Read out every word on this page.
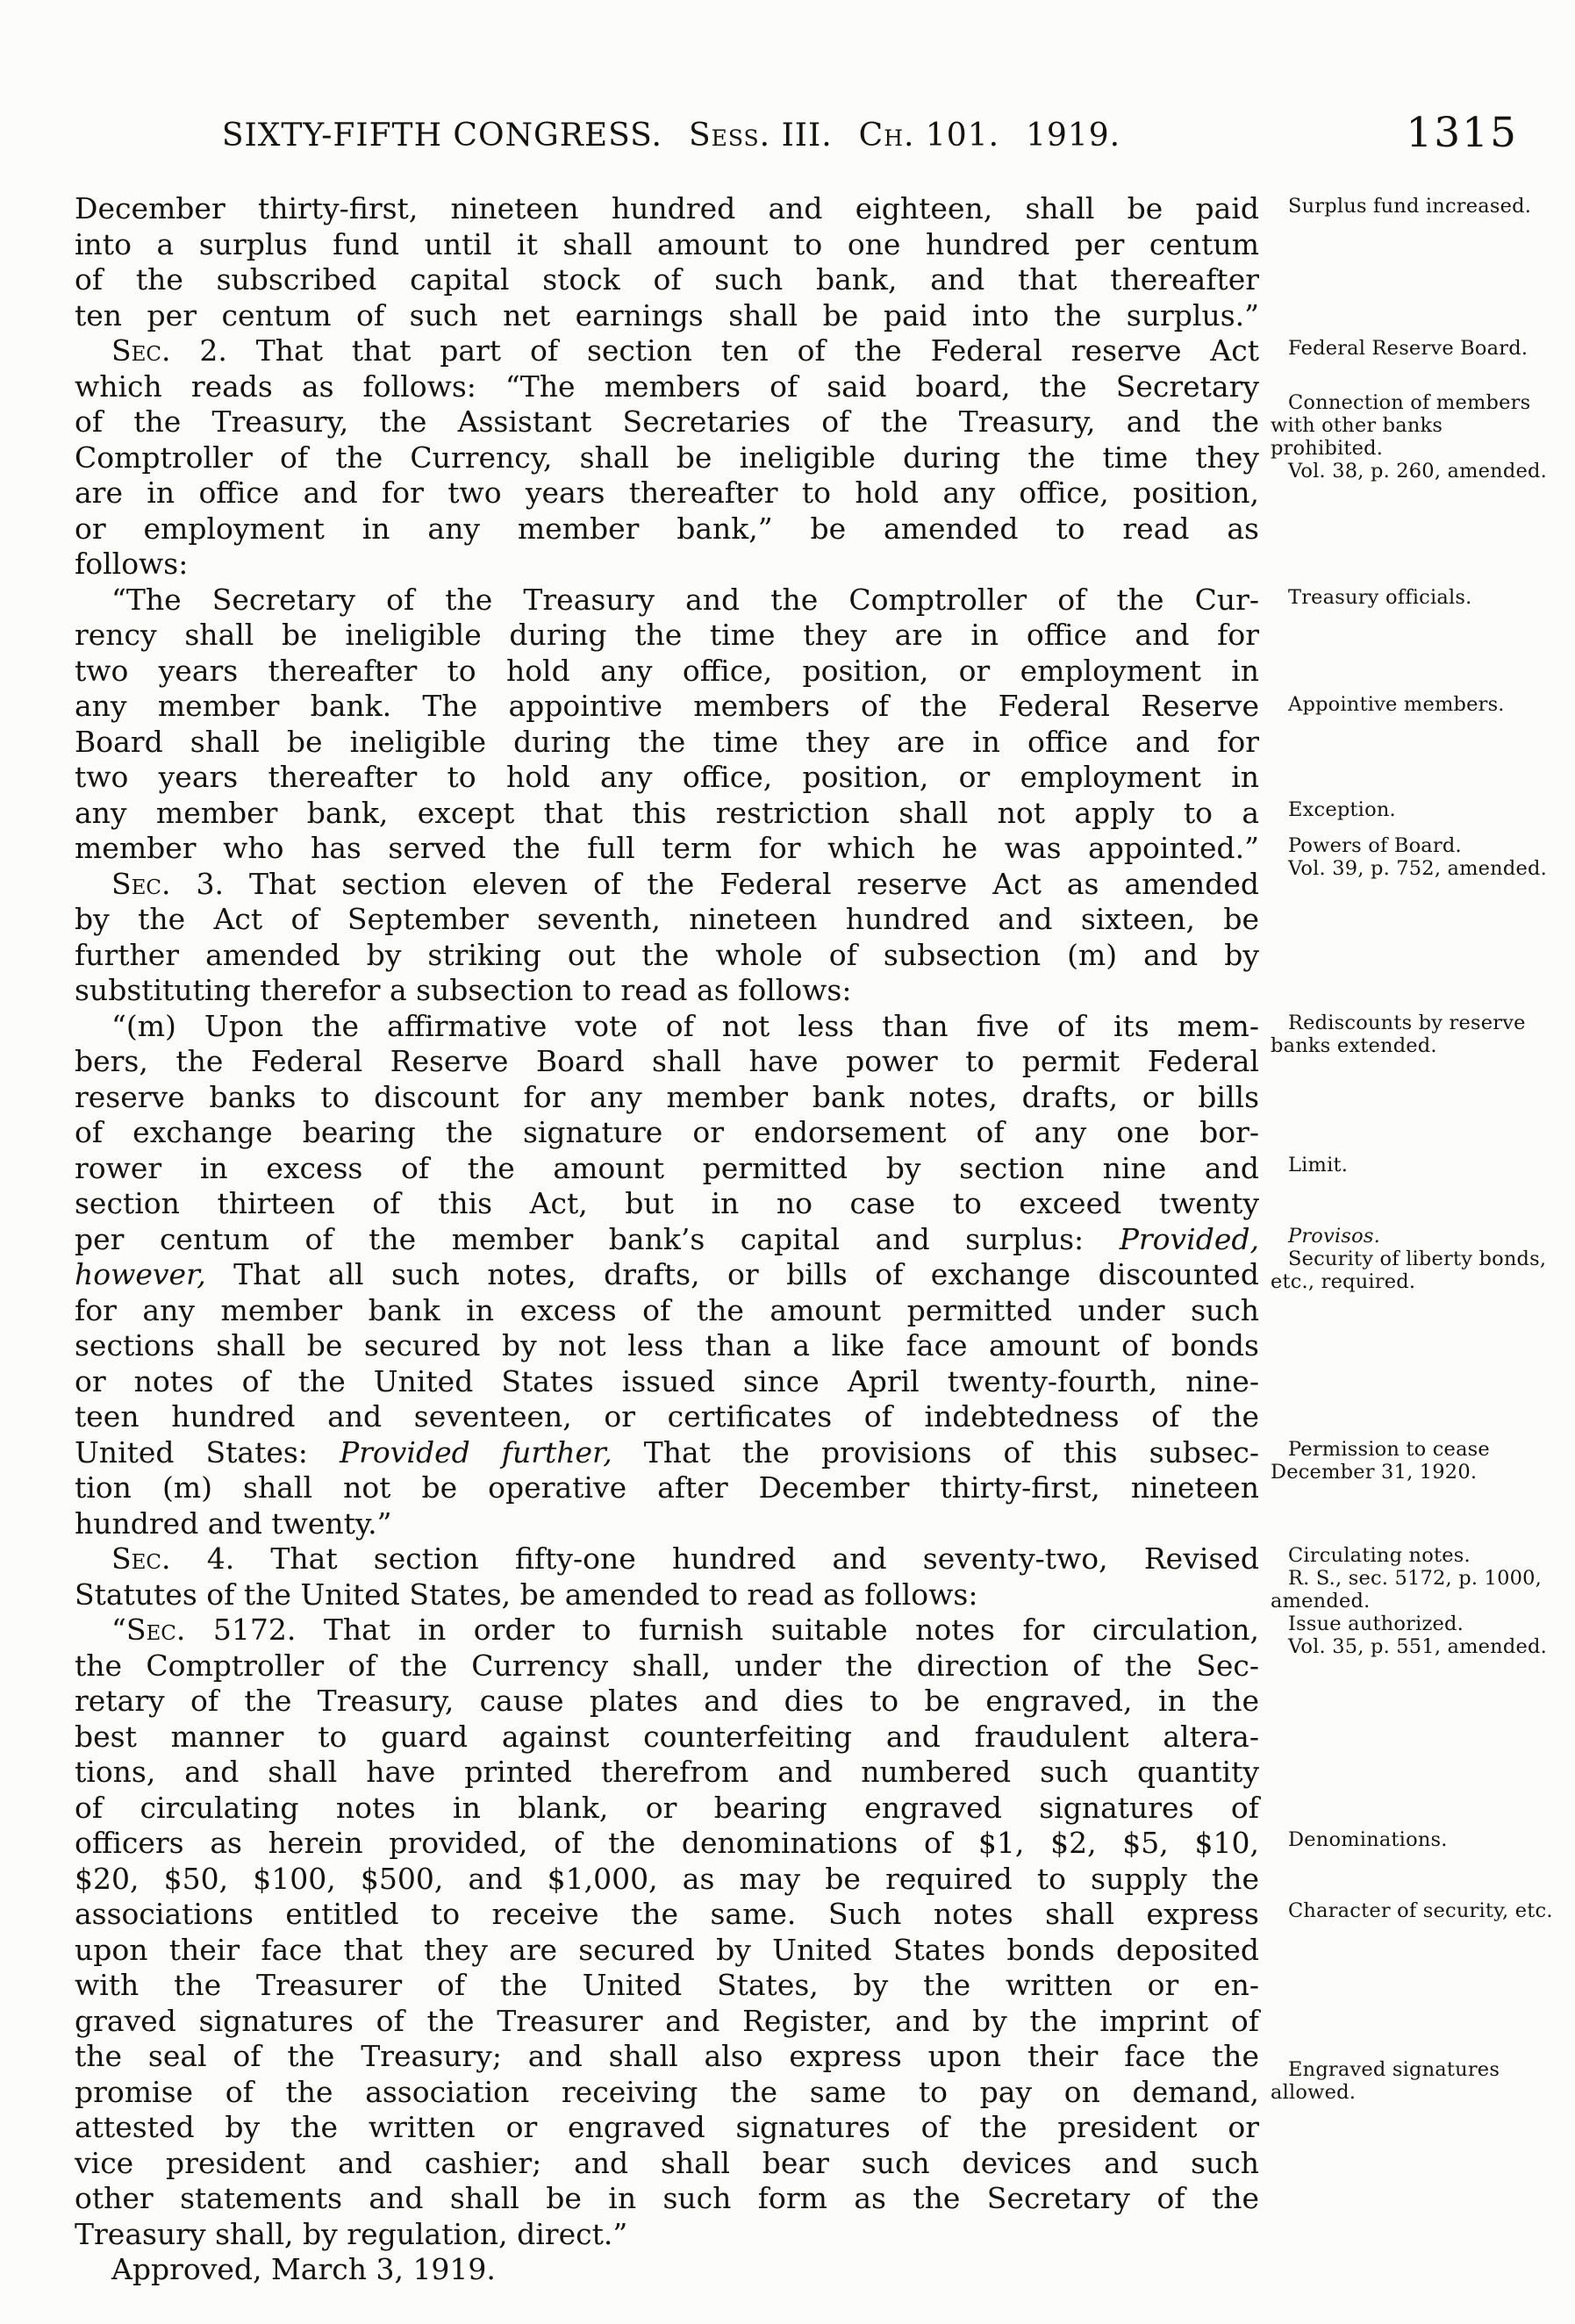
SIXTY-FIFTH CONGRESS. Sess. III. Ch. 101. 1919.	1315
December thirty-first, nineteen hundred and eighteen, shall be paid
into a surplus fund until it shall amount to one hundred per centum
of the subscribed capital stock of such bank, and that thereafter
ten per centum of such net earnings shall be paid into the surplus.”
Sec. 2. That that part of section ten of the Federal reserve Act
which reads as follows: “The members of said board, the Secretary
of the Treasury, the Assistant Secretaries of the Treasury, and the
Comptroller of the Currency, shall be ineligible during the time they
are in office and for two years thereafter to hold any office, position,
or employment in any member bank,” be amended to read as
follows:
“The Secretary of the Treasury and the Comptroller of the Cur-
rency shall be ineligible during the time they are in office and for
two years thereafter to hold any office, position, or employment in
any member bank. The appointive members of the Federal Reserve
Board shall be ineligible during the time they are in office and for
two years thereafter to hold any office, position, or employment in
any member bank, except that this restriction shall not apply to a
member who has served the full term for which he was appointed.”
Sec. 3. That section eleven of the Federal reserve Act as amended
by the Act of September seventh, nineteen hundred and sixteen, be
further amended by striking out the whole of subsection (m) and by
substituting therefor a subsection to read as follows:
“(m) Upon the affirmative vote of not less than five of its mem-
bers, the Federal Reserve Board shall have power to permit Federal
reserve banks to discount for any member bank notes, drafts, or bills
of exchange bearing the signature or endorsement of any one bor-
rower in excess of the amount permitted by section nine and
section thirteen of this Act, but in no case to exceed twenty
per centum of the member bank’s capital and surplus: Provided,
however, That all such notes, drafts, or bills of exchange discounted
for any member bank in excess of the amount permitted under such
sections shall be secured by not less than a like face amount of bonds
or notes of the United States issued since April twenty-fourth, nine-
teen hundred and seventeen, or certificates of indebtedness of the
United States: Provided further, That the provisions of this subsec-
tion (m) shall not be operative after December thirty-first, nineteen
hundred and twenty.”
Sec. 4. That section fifty-one hundred and seventy-two, Revised
Statutes of the United States, be amended to read as follows:
“Sec. 5172. That in order to furnish suitable notes for circulation,
the Comptroller of the Currency shall, under the direction of the Sec-
retary of the Treasury, cause plates and dies to be engraved, in the
best manner to guard against counterfeiting and fraudulent altera-
tions, and shall have printed therefrom and numbered such quantity
of circulating notes in blank, or bearing engraved signatures of
officers as herein provided, of the denominations of $1, $2, $5, $10,
$20, $50, $100, $500, and $1,000, as may be required to supply the
associations entitled to receive the same. Such notes shall express
upon their face that they are secured by United States bonds deposited
with the Treasurer of the United States, by the written or en-
graved signatures of the Treasurer and Register, and by the imprint of
the seal of the Treasury; and shall also express upon their face the
promise of the association receiving the same to pay on demand,
attested by the written or engraved signatures of the president or
vice president and cashier; and shall bear such devices and such
other statements and shall be in such form as the Secretary of the
Treasury shall, by regulation, direct.”
Approved, March 3, 1919.
Surplus fund increased.
Federal Reserve Board.
Connection of members with other banks prohibited.
Vol. 38, p. 260, amended.
Treasury officials.
Appointive members.
Exception.
Powers of Board.
Vol. 39, p. 752, amended.
Rediscounts by reserve banks extended.
Limit.
Provisos.
Security of liberty bonds, etc., required.
Permission to cease December 31, 1920.
Circulating notes.
R. S., sec. 5172, p. 1000, amended.
Issue authorized.
Vol. 35, p. 551, amended.
Denominations.
Character of security, etc.
Engraved signatures allowed.
